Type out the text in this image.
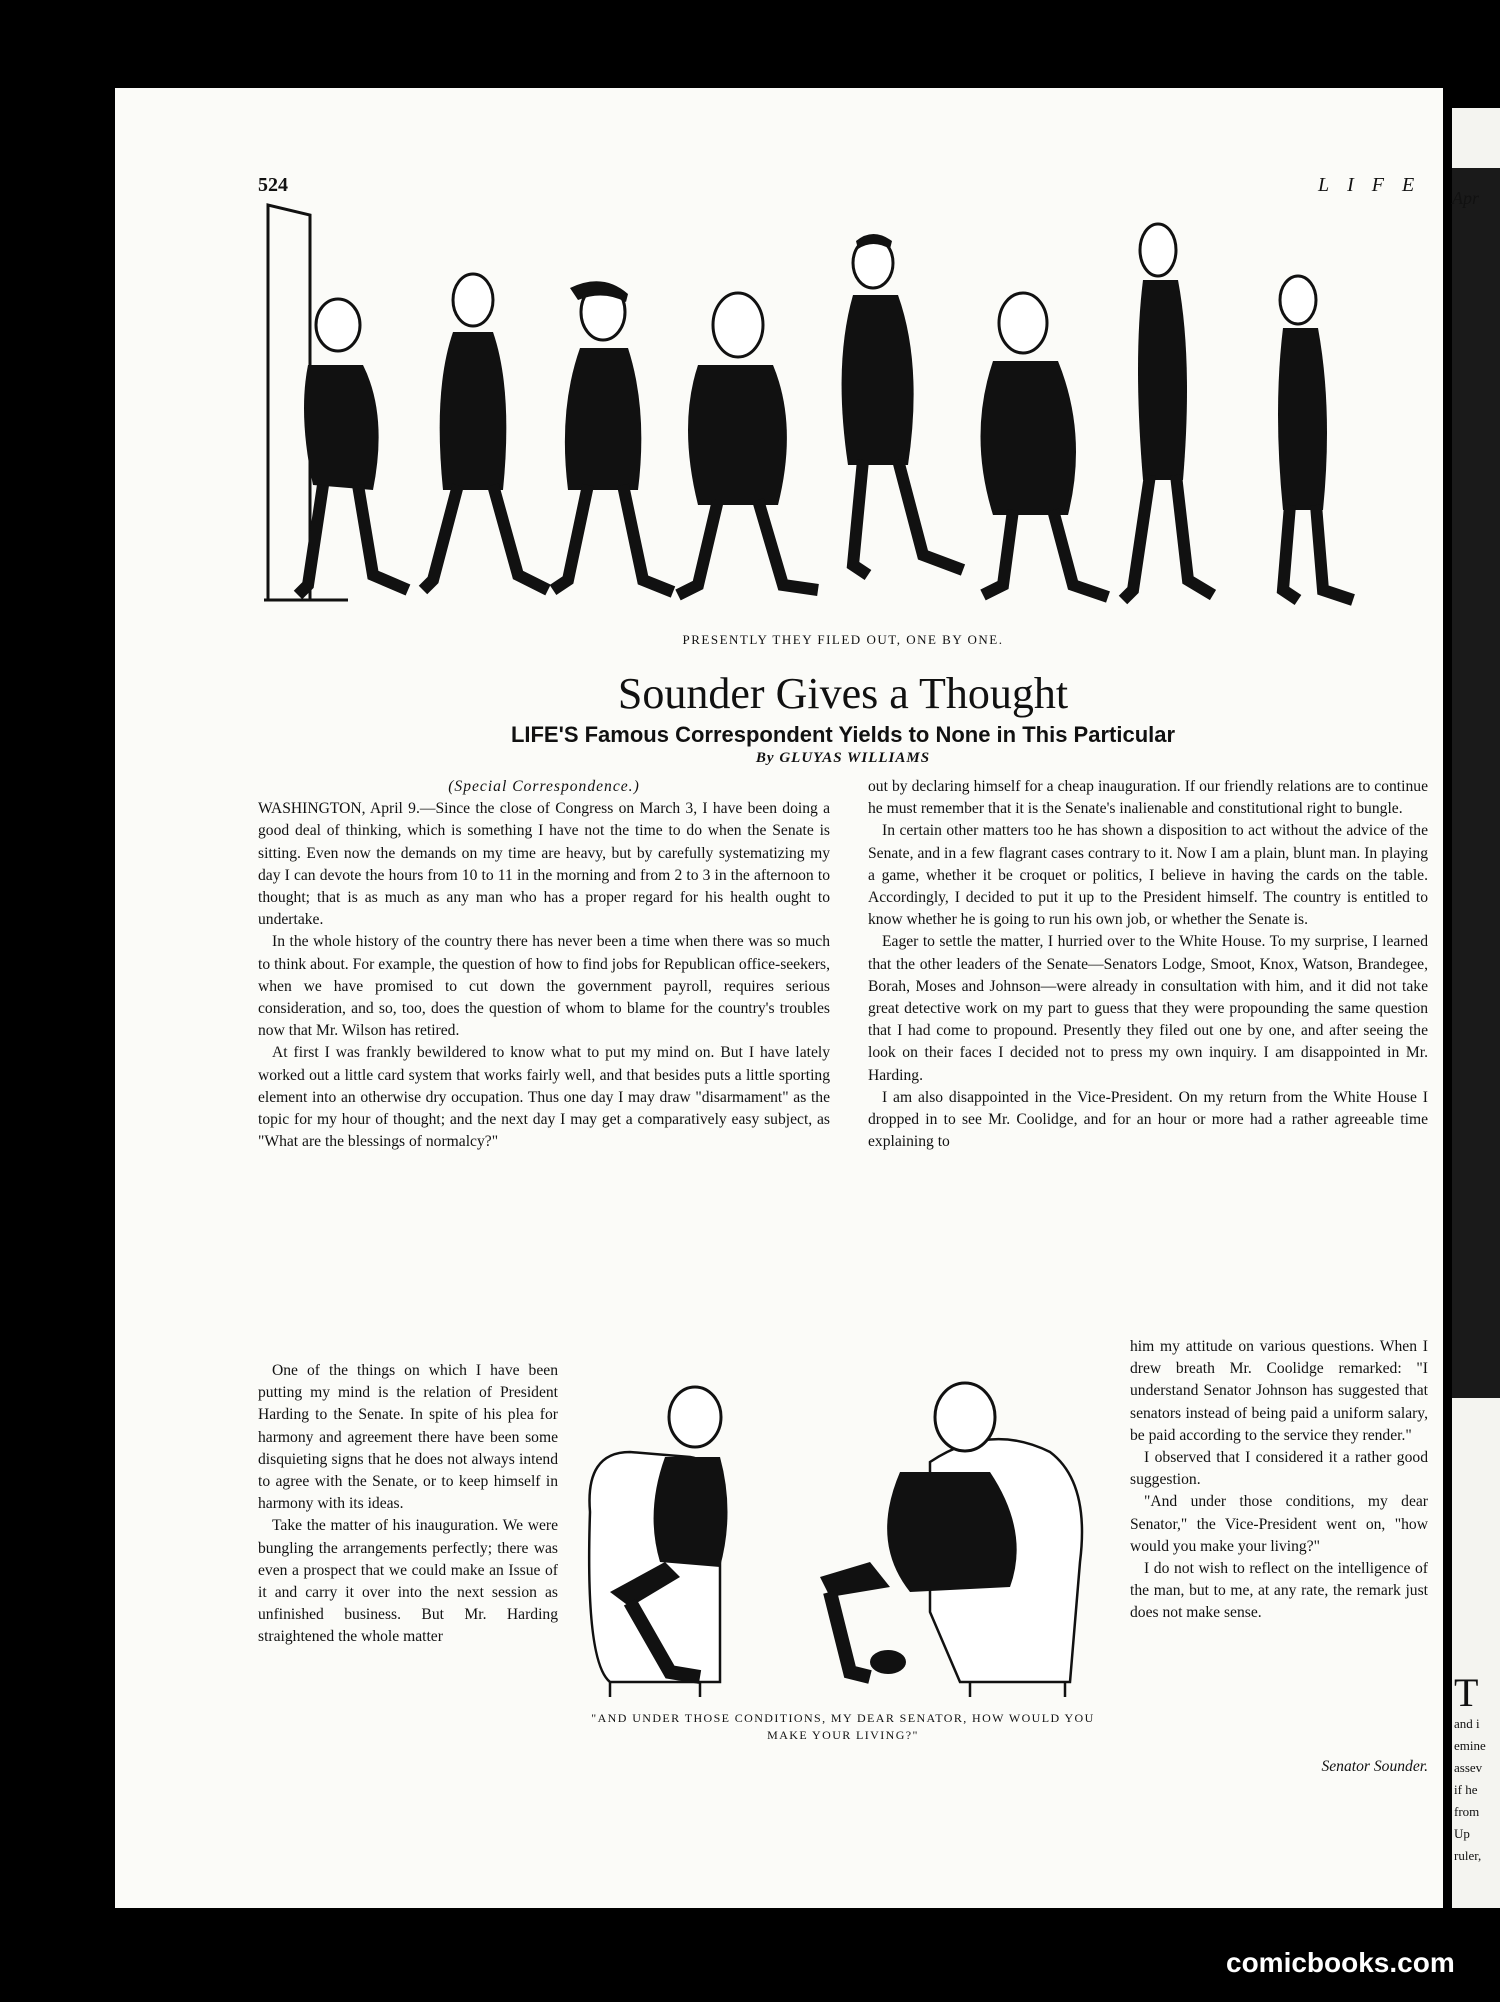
T
and i
emine
assev
if he
from
Up
ruler,
524	LIFE
Apr
PRESENTLY THEY FILED OUT, ONE BY ONE.
Sounder Gives a Thought
LIFE'S Famous Correspondent Yields to None in This Particular
By GLUYAS WILLIAMS

(Special Correspondence.)

WASHINGTON, April 9.—Since the close of Congress on March 3, I have been doing a good deal of thinking, which is something I have not the time to do when the Senate is sitting. Even now the demands on my time are heavy, but by carefully systematizing my day I can devote the hours from 10 to 11 in the morning and from 2 to 3 in the afternoon to thought; that is as much as any man who has a proper regard for his health ought to undertake.

In the whole history of the country there has never been a time when there was so much to think about. For example, the question of how to find jobs for Republican office-seekers, when we have promised to cut down the government payroll, requires serious consideration, and so, too, does the question of whom to blame for the country's troubles now that Mr. Wilson has retired.

At first I was frankly bewildered to know what to put my mind on. But I have lately worked out a little card system that works fairly well, and that besides puts a little sporting element into an otherwise dry occupation. Thus one day I may draw "disarmament" as the topic for my hour of thought; and the next day I may get a comparatively easy subject, as "What are the blessings of normalcy?"

One of the things on which I have been putting my mind is the relation of President Harding to the Senate. In spite of his plea for harmony and agreement there have been some disquieting signs that he does not always intend to agree with the Senate, or to keep himself in harmony with its ideas.

Take the matter of his inauguration. We were bungling the arrangements perfectly; there was even a prospect that we could make an Issue of it and carry it over into the next session as unfinished business. But Mr. Harding straightened the whole matter

out by declaring himself for a cheap inauguration. If our friendly relations are to continue he must remember that it is the Senate's inalienable and constitutional right to bungle.

In certain other matters too he has shown a disposition to act without the advice of the Senate, and in a few flagrant cases contrary to it. Now I am a plain, blunt man. In playing a game, whether it be croquet or politics, I believe in having the cards on the table. Accordingly, I decided to put it up to the President himself. The country is entitled to know whether he is going to run his own job, or whether the Senate is.

Eager to settle the matter, I hurried over to the White House. To my surprise, I learned that the other leaders of the Senate—Senators Lodge, Smoot, Knox, Watson, Brandegee, Borah, Moses and Johnson—were already in consultation with him, and it did not take great detective work on my part to guess that they were propounding the same question that I had come to propound. Presently they filed out one by one, and after seeing the look on their faces I decided not to press my own inquiry. I am disappointed in Mr. Harding.

I am also disappointed in the Vice-President. On my return from the White House I dropped in to see Mr. Coolidge, and for an hour or more had a rather agreeable time explaining to

him my attitude on various questions. When I drew breath Mr. Coolidge remarked: "I understand Senator Johnson has suggested that senators instead of being paid a uniform salary, be paid according to the service they render."

I observed that I considered it a rather good suggestion.

"And under those conditions, my dear Senator," the Vice-President went on, "how would you make your living?"

I do not wish to reflect on the intelligence of the man, but to me, at any rate, the remark just does not make sense.

Senator Sounder.
"AND UNDER THOSE CONDITIONS, MY DEAR SENATOR, HOW WOULD YOU MAKE YOUR LIVING?"
comicbooks.com
